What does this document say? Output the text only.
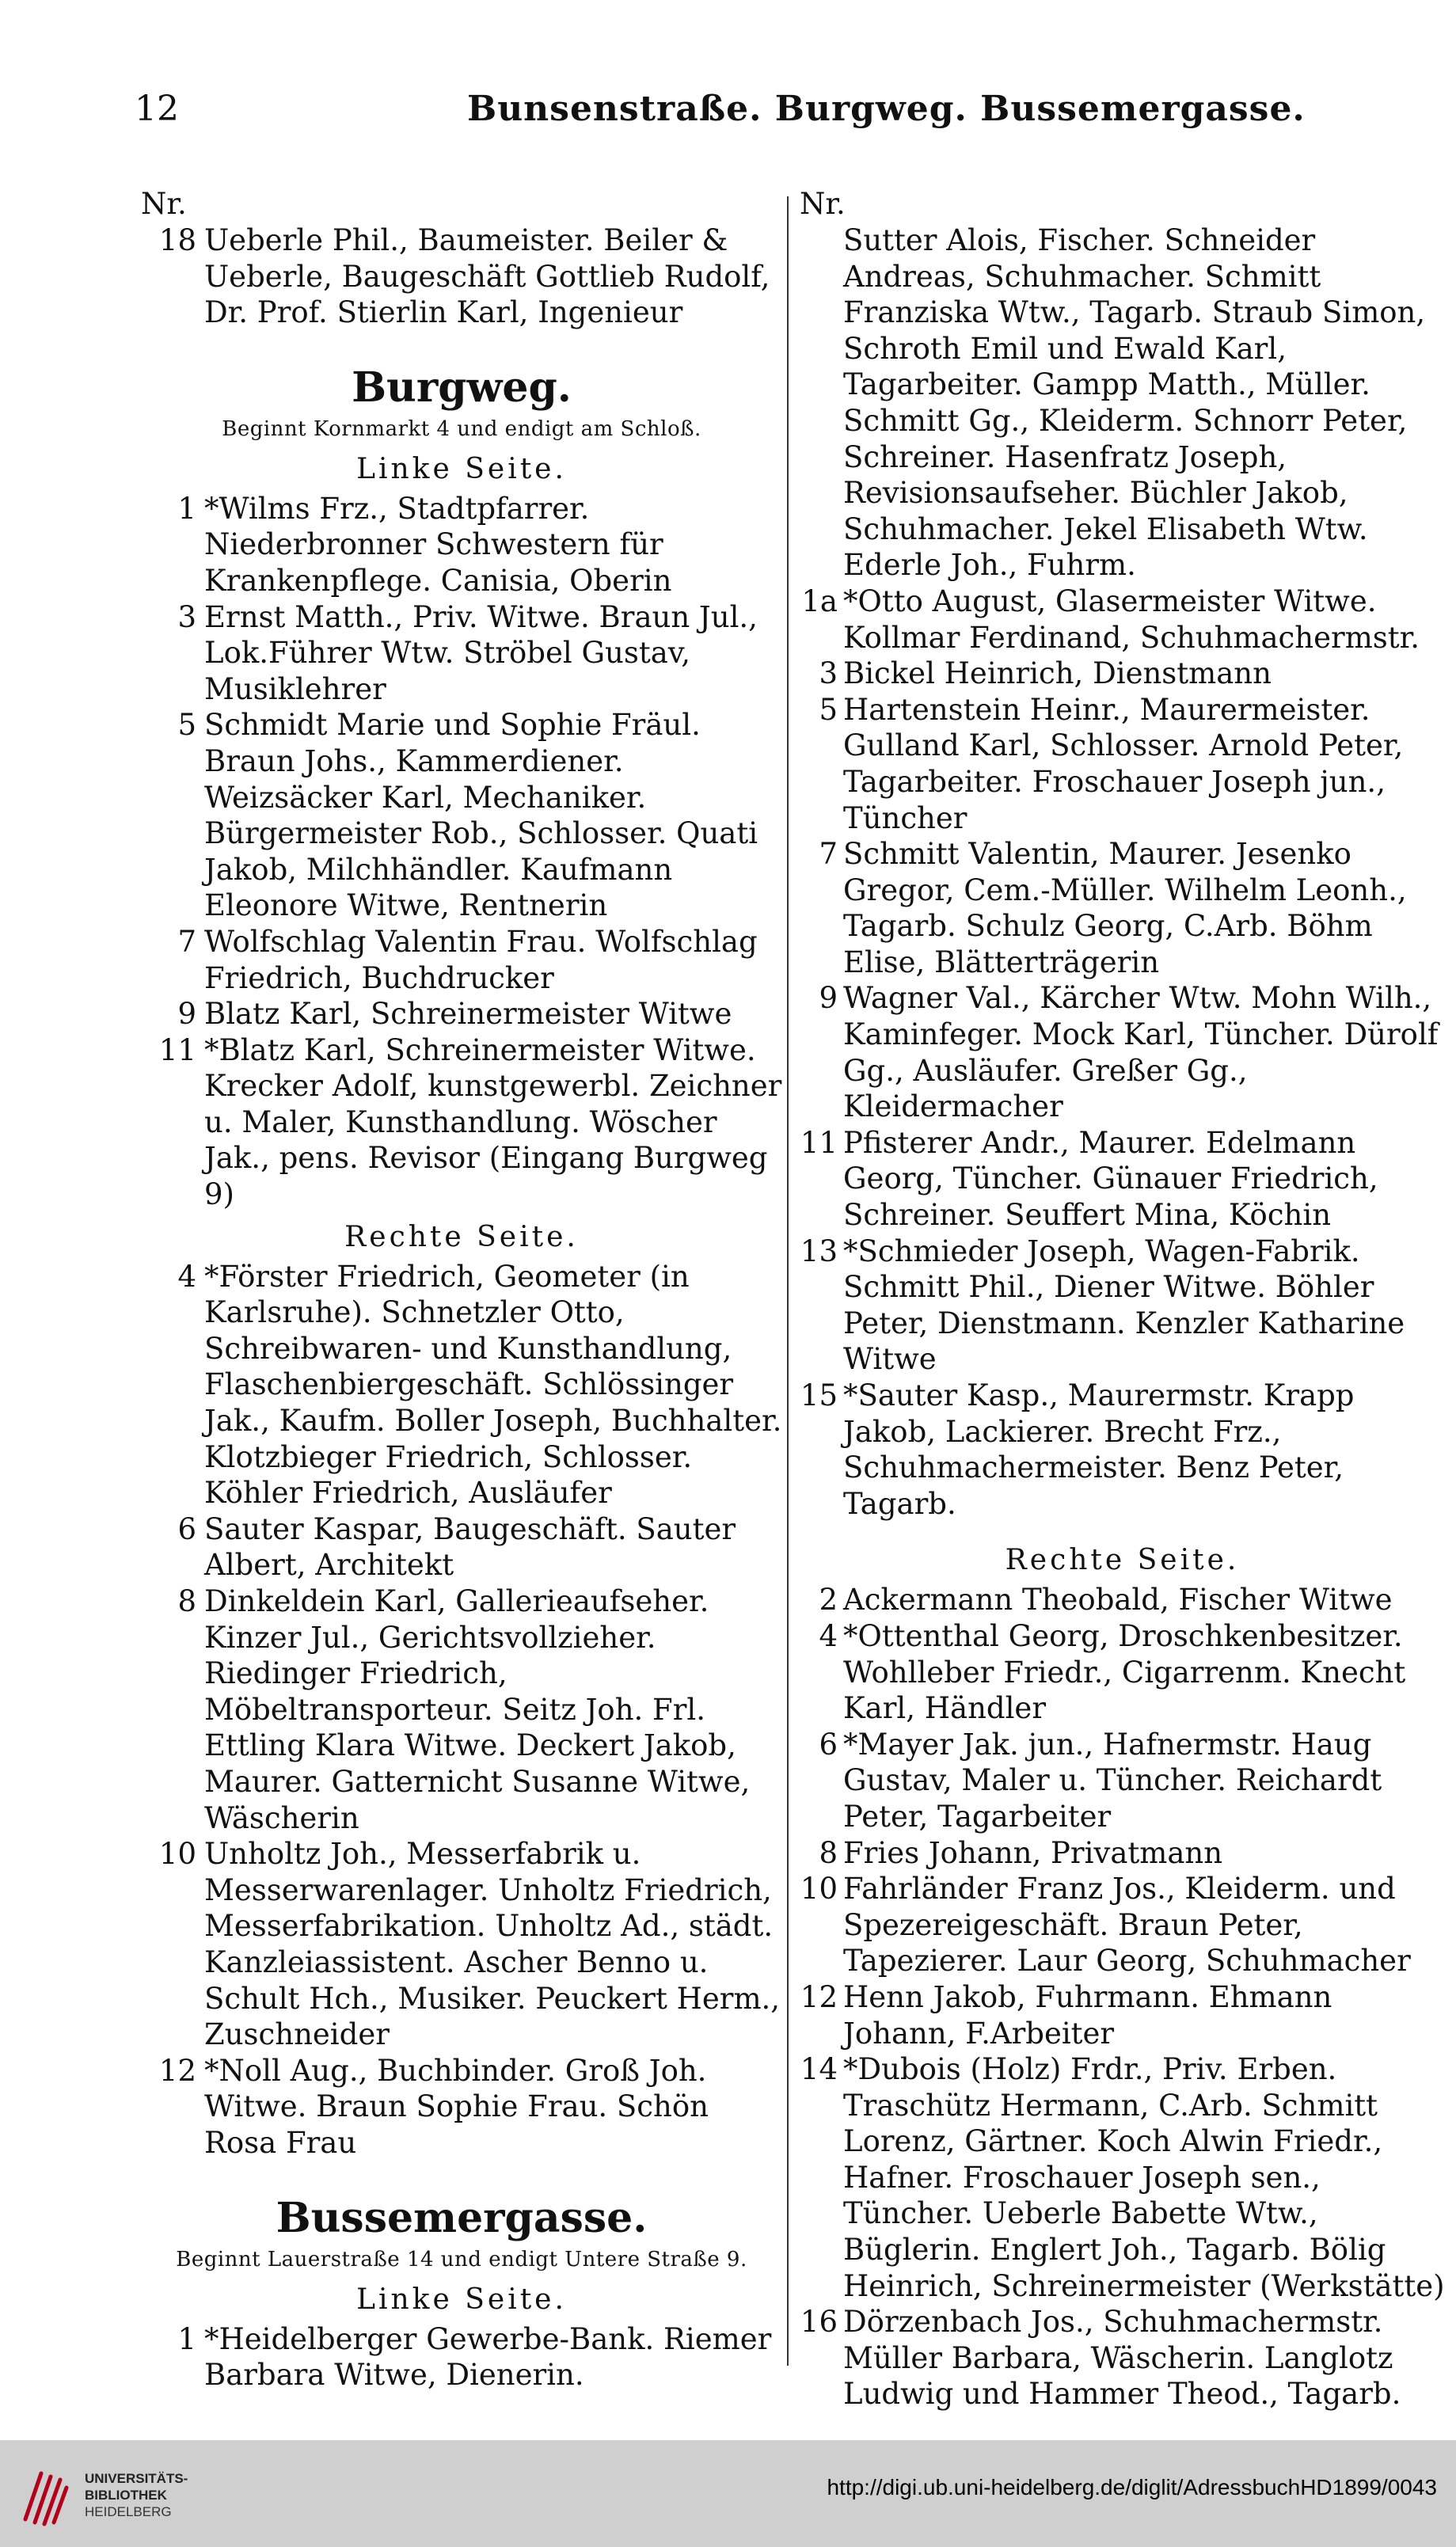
12	Bunsenstraße. Burgweg. Bussemergasse.
Nr.
18 Ueberle Phil., Baumeister. Beiler & Ueberle, Baugeschäft Gottlieb Rudolf, Dr. Prof. Stierlin Karl, Ingenieur
Burgweg.
Beginnt Kornmarkt 4 und endigt am Schloß.
Linke Seite.
1 *Wilms Frz., Stadtpfarrer. Niederbronner Schwestern für Krankenpflege. Canisia, Oberin
3 Ernst Matth., Priv. Witwe. Braun Jul., Lok.Führer Wtw. Ströbel Gustav, Musiklehrer
5 Schmidt Marie und Sophie Fräul. Braun Johs., Kammerdiener. Weizsäcker Karl, Mechaniker. Bürgermeister Rob., Schlosser. Quati Jakob, Milchhändler. Kaufmann Eleonore Witwe, Rentnerin
7 Wolfschlag Valentin Frau. Wolfschlag Friedrich, Buchdrucker
9 Blatz Karl, Schreinermeister Witwe
11 *Blatz Karl, Schreinermeister Witwe. Krecker Adolf, kunstgewerbl. Zeichner u. Maler, Kunsthandlung. Wöscher Jak., pens. Revisor (Eingang Burgweg 9)
Rechte Seite.
4 *Förster Friedrich, Geometer (in Karlsruhe). Schnetzler Otto, Schreibwaren- und Kunsthandlung, Flaschenbiergeschäft. Schlössinger Jak., Kaufm. Boller Joseph, Buchhalter. Klotzbieger Friedrich, Schlosser. Köhler Friedrich, Ausläufer
6 Sauter Kaspar, Baugeschäft. Sauter Albert, Architekt
8 Dinkeldein Karl, Gallerieaufseher. Kinzer Jul., Gerichtsvollzieher. Riedinger Friedrich, Möbeltransporteur. Seitz Joh. Frl. Ettling Klara Witwe. Deckert Jakob, Maurer. Gatternicht Susanne Witwe, Wäscherin
10 Unholtz Joh., Messerfabrik u. Messerwarenlager. Unholtz Friedrich, Messerfabrikation. Unholtz Ad., städt. Kanzleiassistent. Ascher Benno u. Schult Hch., Musiker. Peuckert Herm., Zuschneider
12 *Noll Aug., Buchbinder. Groß Joh. Witwe. Braun Sophie Frau. Schön Rosa Frau
Bussemergasse.
Beginnt Lauerstraße 14 und endigt Untere Straße 9.
Linke Seite.
1 *Heidelberger Gewerbe-Bank. Riemer Barbara Witwe, Dienerin.
Nr.
Sutter Alois, Fischer. Schneider Andreas, Schuhmacher. Schmitt Franziska Wtw., Tagarb. Straub Simon, Schroth Emil und Ewald Karl, Tagarbeiter. Gampp Matth., Müller. Schmitt Gg., Kleiderm. Schnorr Peter, Schreiner. Hasenfratz Joseph, Revisionsaufseher. Büchler Jakob, Schuhmacher. Jekel Elisabeth Wtw. Ederle Joh., Fuhrm.
1a *Otto August, Glasermeister Witwe. Kollmar Ferdinand, Schuhmachermstr.
3 Bickel Heinrich, Dienstmann
5 Hartenstein Heinr., Maurermeister. Gulland Karl, Schlosser. Arnold Peter, Tagarbeiter. Froschauer Joseph jun., Tüncher
7 Schmitt Valentin, Maurer. Jesenko Gregor, Cem.-Müller. Wilhelm Leonh., Tagarb. Schulz Georg, C.Arb. Böhm Elise, Blätterträgerin
9 Wagner Val., Kärcher Wtw. Mohn Wilh., Kaminfeger. Mock Karl, Tüncher. Dürolf Gg., Ausläufer. Greßer Gg., Kleidermacher
11 Pfisterer Andr., Maurer. Edelmann Georg, Tüncher. Günauer Friedrich, Schreiner. Seuffert Mina, Köchin
13 *Schmieder Joseph, Wagen-Fabrik. Schmitt Phil., Diener Witwe. Böhler Peter, Dienstmann. Kenzler Katharine Witwe
15 *Sauter Kasp., Maurermstr. Krapp Jakob, Lackierer. Brecht Frz., Schuhmachermeister. Benz Peter, Tagarb.
Rechte Seite.
2 Ackermann Theobald, Fischer Witwe
4 *Ottenthal Georg, Droschkenbesitzer. Wohlleber Friedr., Cigarrenm. Knecht Karl, Händler
6 *Mayer Jak. jun., Hafnermstr. Haug Gustav, Maler u. Tüncher. Reichardt Peter, Tagarbeiter
8 Fries Johann, Privatmann
10 Fahrländer Franz Jos., Kleiderm. und Spezereigeschäft. Braun Peter, Tapezierer. Laur Georg, Schuhmacher
12 Henn Jakob, Fuhrmann. Ehmann Johann, F.Arbeiter
14 *Dubois (Holz) Frdr., Priv. Erben. Traschütz Hermann, C.Arb. Schmitt Lorenz, Gärtner. Koch Alwin Friedr., Hafner. Froschauer Joseph sen., Tüncher. Ueberle Babette Wtw., Büglerin. Englert Joh., Tagarb. Bölig Heinrich, Schreinermeister (Werkstätte)
16 Dörzenbach Jos., Schuhmachermstr. Müller Barbara, Wäscherin. Langlotz Ludwig und Hammer Theod., Tagarb.
UNIVERSITÄTS-
BIBLIOTHEK
HEIDELBERG
http://digi.ub.uni-heidelberg.de/diglit/AdressbuchHD1899/0043
